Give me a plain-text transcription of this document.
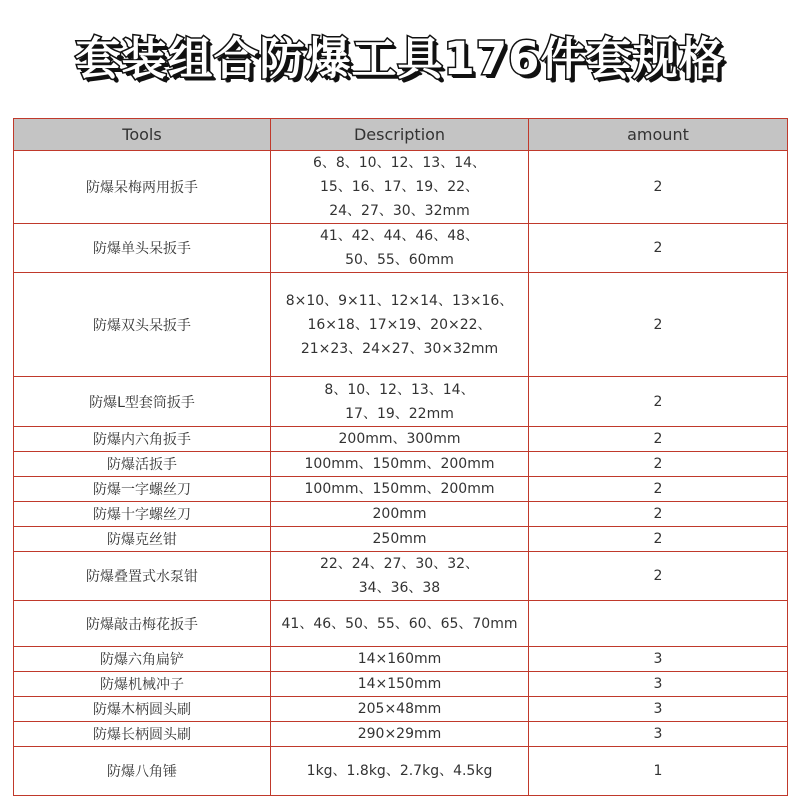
套装组合防爆工具176件套规格
Tools	Description	amount
防爆呆梅两用扳手	6、8、10、12、13、14、
15、16、17、19、22、
24、27、30、32mm	2
防爆单头呆扳手	41、42、44、46、48、
50、55、60mm	2
防爆双头呆扳手	8×10、9×11、12×14、13×16、
16×18、17×19、20×22、
21×23、24×27、30×32mm	2
防爆L型套筒扳手	8、10、12、13、14、
17、19、22mm	2
防爆内六角扳手	200mm、300mm	2
防爆活扳手	100mm、150mm、200mm	2
防爆一字螺丝刀	100mm、150mm、200mm	2
防爆十字螺丝刀	200mm	2
防爆克丝钳	250mm	2
防爆叠置式水泵钳	22、24、27、30、32、
34、36、38	2
防爆敲击梅花扳手	41、46、50、55、60、65、70mm	

防爆六角扁铲	14×160mm	3
防爆机械冲子	14×150mm	3
防爆木柄圆头刷	205×48mm	3
防爆长柄圆头刷	290×29mm	3
防爆八角锤	1kg、1.8kg、2.7kg、4.5kg	1
